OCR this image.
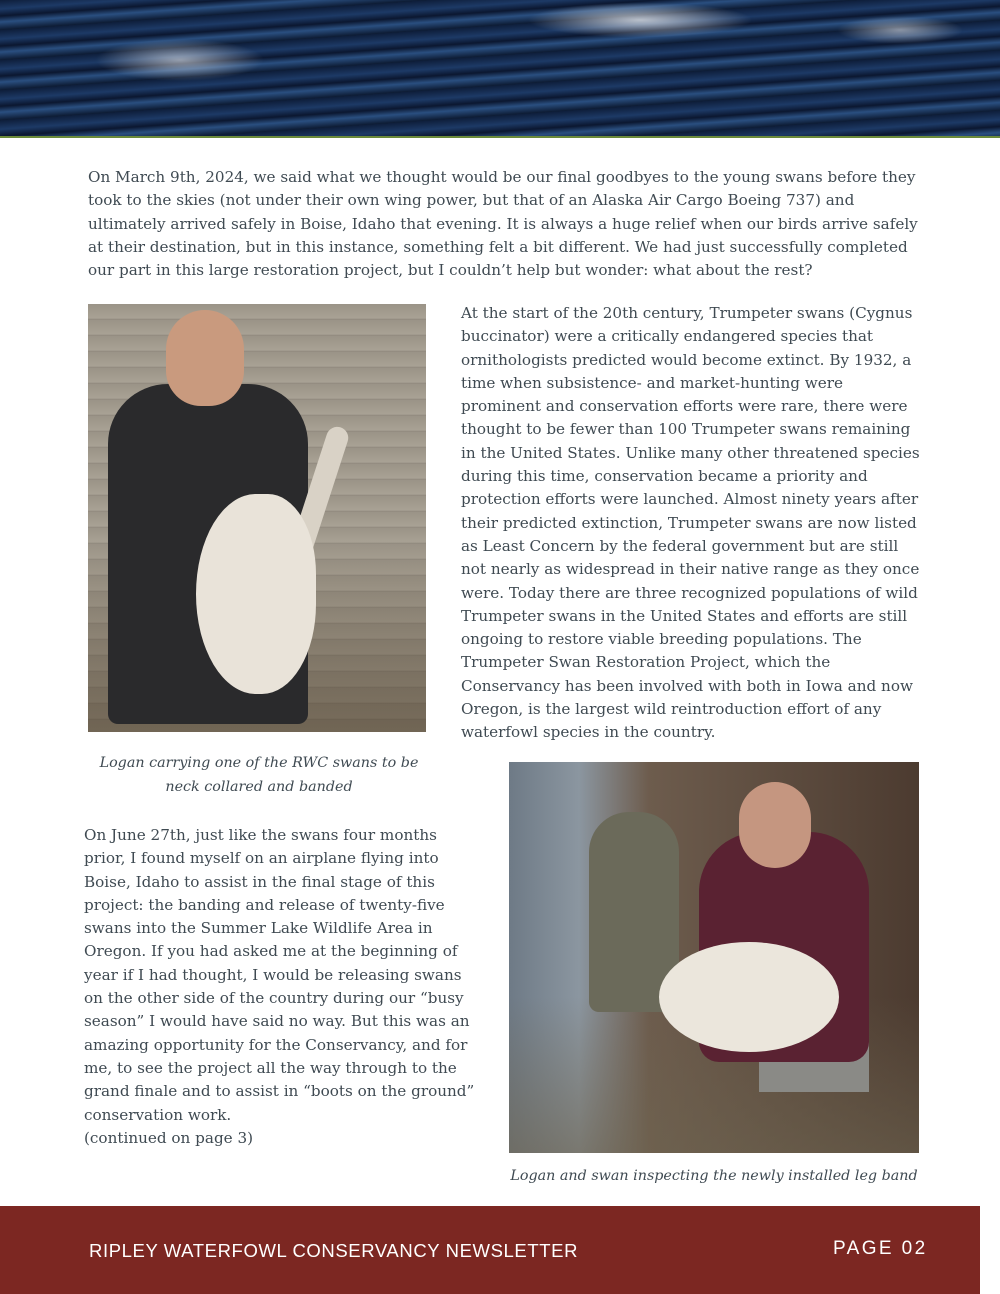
On March 9th, 2024, we said what we thought would be our final goodbyes to the young swans before they took to the skies (not under their own wing power, but that of an Alaska Air Cargo Boeing 737) and ultimately arrived safely in Boise, Idaho that evening. It is always a huge relief when our birds arrive safely at their destination, but in this instance, something felt a bit different. We had just successfully completed our part in this large restoration project, but I couldn’t help but wonder: what about the rest?

At the start of the 20th century, Trumpeter swans (Cygnus buccinator) were a critically endangered species that ornithologists predicted would become extinct. By 1932, a time when subsistence- and market-hunting were prominent and conservation efforts were rare, there were thought to be fewer than 100 Trumpeter swans remaining in the United States. Unlike many other threatened species during this time, conservation became a priority and protection efforts were launched. Almost ninety years after their predicted extinction, Trumpeter swans are now listed as Least Concern by the federal government but are still not nearly as widespread in their native range as they once were. Today there are three recognized populations of wild Trumpeter swans in the United States and efforts are still ongoing to restore viable breeding populations. The Trumpeter Swan Restoration Project, which the Conservancy has been involved with both in Iowa and now Oregon, is the largest wild reintroduction effort of any waterfowl species in the country.

Logan carrying one of the RWC swans to be neck collared and banded

On June 27th, just like the swans four months prior, I found myself on an airplane flying into Boise, Idaho to assist in the final stage of this project: the banding and release of twenty-five swans into the Summer Lake Wildlife Area in Oregon. If you had asked me at the beginning of year if I had thought, I would be releasing swans on the other side of the country during our “busy season” I would have said no way. But this was an amazing opportunity for the Conservancy, and for me, to see the project all the way through to the grand finale and to assist in “boots on the ground” conservation work.

(continued on page 3)

Logan and swan inspecting the newly installed leg band

RIPLEY WATERFOWL CONSERVANCY NEWSLETTER	PAGE 02
